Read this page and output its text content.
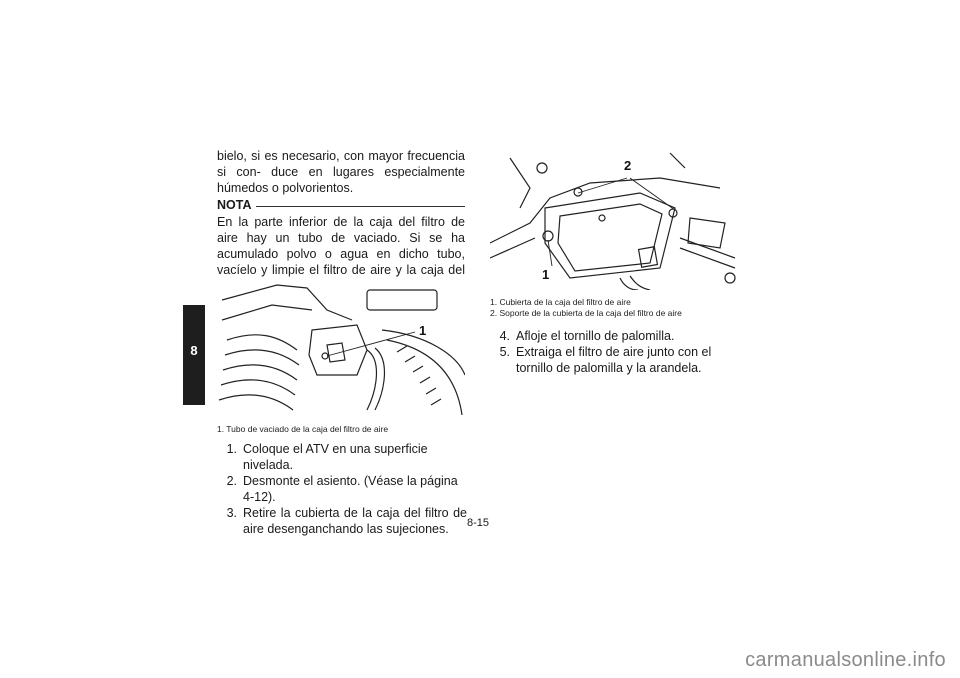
8
bielo, si es necesario, con mayor frecuencia si con- duce en lugares especialmente húmedos o polvorientos.
NOTA
En la parte inferior de la caja del filtro de aire hay un tubo de vaciado. Si se ha acumulado polvo o agua en dicho tubo, vacíelo y limpie el filtro de aire y la caja del
1
1. Tubo de vaciado de la caja del filtro de aire
1. Coloque el ATV en una superficie nivelada.
2. Desmonte el asiento. (Véase la página 4-12).
3. Retire la cubierta de la caja del filtro de aire desenganchando las sujeciones.
2
1
1. Cubierta de la caja del filtro de aire
2. Soporte de la cubierta de la caja del filtro de aire
4. Afloje el tornillo de palomilla.
5. Extraiga el filtro de aire junto con el tornillo de palomilla y la arandela.
8-15
carmanualsonline.info
